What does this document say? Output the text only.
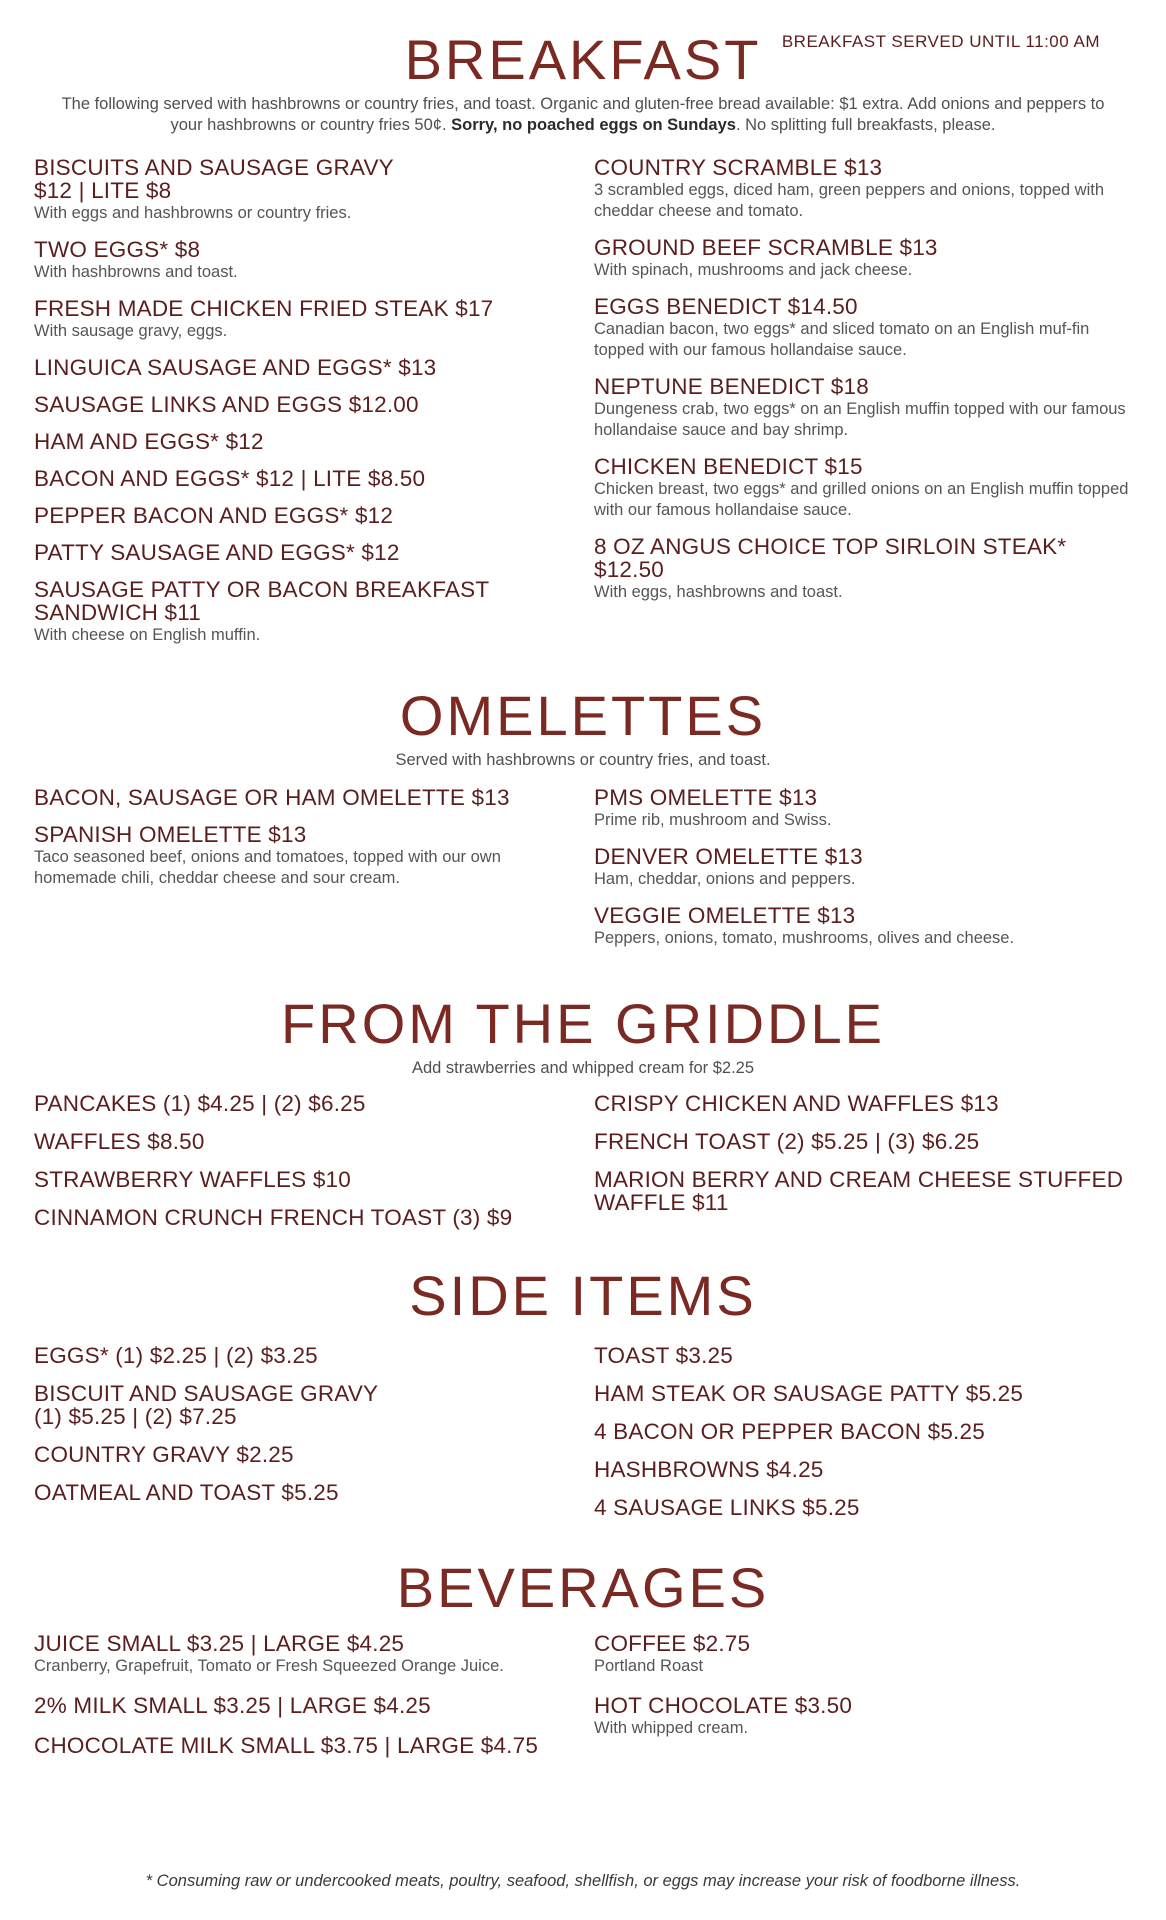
BREAKFAST	BREAKFAST SERVED UNTIL 11:00 AM
The following served with hashbrowns or country fries, and toast. Organic and gluten-free bread available: $1 extra. Add onions and peppers to your hashbrowns or country fries 50¢. Sorry, no poached eggs on Sundays. No splitting full breakfasts, please.
BISCUITS AND SAUSAGE GRAVY
$12 | LITE $8
With eggs and hashbrowns or country fries.
TWO EGGS* $8
With hashbrowns and toast.
FRESH MADE CHICKEN FRIED STEAK $17
With sausage gravy, eggs.
LINGUICA SAUSAGE AND EGGS* $13
SAUSAGE LINKS AND EGGS $12.00
HAM AND EGGS* $12
BACON AND EGGS* $12 | LITE $8.50
PEPPER BACON AND EGGS* $12
PATTY SAUSAGE AND EGGS* $12
SAUSAGE PATTY OR BACON BREAKFAST
SANDWICH $11
With cheese on English muffin.
COUNTRY SCRAMBLE $13
3 scrambled eggs, diced ham, green peppers and onions, topped with cheddar cheese and tomato.
GROUND BEEF SCRAMBLE $13
With spinach, mushrooms and jack cheese.
EGGS BENEDICT $14.50
Canadian bacon, two eggs* and sliced tomato on an English muf-fin topped with our famous hollandaise sauce.
NEPTUNE BENEDICT $18
Dungeness crab, two eggs* on an English muffin topped with our famous hollandaise sauce and bay shrimp.
CHICKEN BENEDICT $15
Chicken breast, two eggs* and grilled onions on an English muffin topped with our famous hollandaise sauce.
8 OZ ANGUS CHOICE TOP SIRLOIN STEAK* $12.50
With eggs, hashbrowns and toast.
OMELETTES
Served with hashbrowns or country fries, and toast.
BACON, SAUSAGE OR HAM OMELETTE $13
SPANISH OMELETTE $13
Taco seasoned beef, onions and tomatoes, topped with our own homemade chili, cheddar cheese and sour cream.
PMS OMELETTE $13
Prime rib, mushroom and Swiss.
DENVER OMELETTE $13
Ham, cheddar, onions and peppers.
VEGGIE OMELETTE $13
Peppers, onions, tomato, mushrooms, olives and cheese.
FROM THE GRIDDLE
Add strawberries and whipped cream for $2.25
PANCAKES (1) $4.25 | (2) $6.25
WAFFLES $8.50
STRAWBERRY WAFFLES $10
CINNAMON CRUNCH FRENCH TOAST (3) $9
CRISPY CHICKEN AND WAFFLES $13
FRENCH TOAST (2) $5.25 | (3) $6.25
MARION BERRY AND CREAM CHEESE STUFFED
WAFFLE $11
SIDE ITEMS
EGGS* (1) $2.25 | (2) $3.25
BISCUIT AND SAUSAGE GRAVY
(1) $5.25 | (2) $7.25
COUNTRY GRAVY $2.25
OATMEAL AND TOAST $5.25
TOAST $3.25
HAM STEAK OR SAUSAGE PATTY $5.25
4 BACON OR PEPPER BACON $5.25
HASHBROWNS $4.25
4 SAUSAGE LINKS $5.25
BEVERAGES
JUICE SMALL $3.25 | LARGE $4.25
Cranberry, Grapefruit, Tomato or Fresh Squeezed Orange Juice.
2% MILK SMALL $3.25 | LARGE $4.25
CHOCOLATE MILK SMALL $3.75 | LARGE $4.75
COFFEE $2.75
Portland Roast
HOT CHOCOLATE $3.50
With whipped cream.
* Consuming raw or undercooked meats, poultry, seafood, shellfish, or eggs may increase your risk of foodborne illness.
